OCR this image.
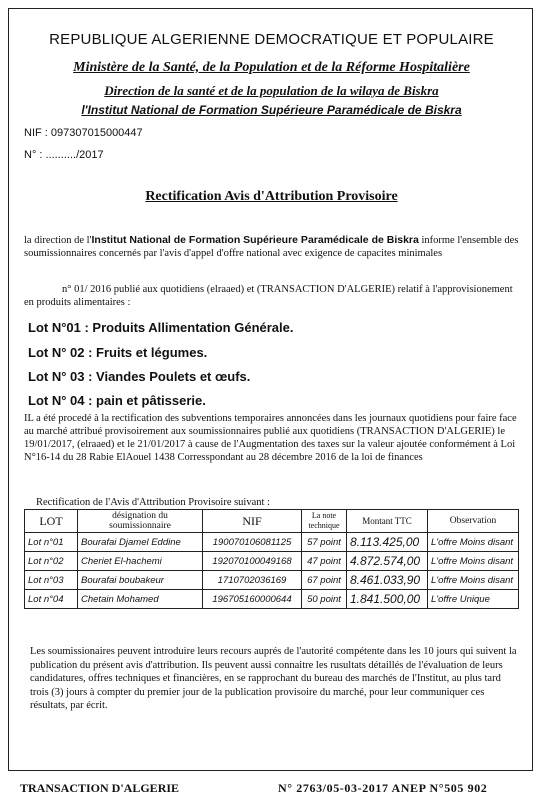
REPUBLIQUE ALGERIENNE DEMOCRATIQUE ET POPULAIRE
Ministère de la Santé, de la Population et de la Réforme Hospitalière
Direction de la santé et de la population de la wilaya de Biskra
l'Institut National de Formation Supérieure Paramédicale de Biskra
NIF : 097307015000447
N° : ........../2017
Rectification Avis d'Attribution Provisoire
la direction de l'Institut National de Formation Supérieure Paramédicale de Biskra informe l'ensemble des soumissionnaires concernés par l'avis d'appel d'offre national avec exigence de capacites minimales
n° 01/ 2016 publié aux quotidiens (elraaed) et (TRANSACTION D'ALGERIE) relatif à l'approvisionement en produits alimentaires :
Lot N°01 : Produits Allimentation Générale.
Lot N° 02 : Fruits et légumes.
Lot N° 03 : Viandes Poulets et œufs.
Lot N° 04 : pain et pâtisserie.
IL a été procedé à la rectification des subventions temporaires annoncées dans les journaux quotidiens pour faire face au marché attribué provisoirement aux soumissionnaires publié aux quotidiens (TRANSACTION D'ALGERIE) le 19/01/2017, (elraaed) et le 21/01/2017 à cause de l'Augmentation des taxes sur la valeur ajoutée conformément à Loi N°16-14 du 28 Rabie ElAouel 1438 Corresspondant au 28 décembre 2016 de la loi de finances
Rectification de l'Avis d'Attribution Provisoire suivant :
LOT	désignation du soumissionnaire	NIF	La note technique	Montant TTC	Observation
Lot n°01	Bourafai Djamel Eddine	190070106081125	57 point	8.113.425,00	L'offre Moins disant
Lot n°02	Cheriet El-hachemi	192070100049168	47 point	4.872.574,00	L'offre Moins disant
Lot n°03	Bourafai boubakeur	1710702036169	67 point	8.461.033,90	L'offre Moins disant
Lot n°04	Chetain Mohamed	196705160000644	50 point	1.841.500,00	L'offre Unique
Les soumissionaires peuvent introduire leurs recours auprés de l'autorité compétente dans les 10 jours qui suivent la publication du présent avis d'attribution. Ils peuvent aussi connaitre les rusultats détaillés de l'évaluation de leurs candidatures, offres techniques et financières, en se rapprochant du bureau des marchés de l'Institut, au plus tard trois (3) jours à compter du premier jour de la publication provisoire du marché, pour leur communiquer ces résultats, par écrit.
TRANSACTION D'ALGERIE	N° 2763/05-03-2017 ANEP N°505 902
